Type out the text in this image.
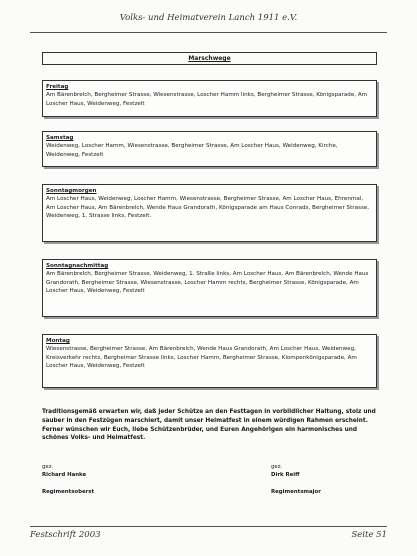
Volks- und Heimatverein Lanch 1911 e.V.
Marschwege
Freitag
Am Bärenbrelch, Bergheimer Strasse, Wiesenstrasse, Loscher Hamm links, Bergheimer Strasse, Königsparade, Am Loscher Haus, Weidenweg, Festzelt
Samstag
Weidenweg, Loscher Hamm, Wiesenstrasse, Bergheimer Strasse, Am Loscher Haus, Weidenweg, Kirche, Weidenweg, Festzelt
Sonntagmorgen
Am Loscher Haus, Weidenweg, Loscher Hamm, Wiesenstrasse, Bergheimer Strasse, Am Loscher Haus, Ehrenmal, Am Loscher Haus, Am Bärenbrelch, Wende Haus Grandorath, Königsparade am Haus Conrads, Bergheimer Strasse, Weidenweg, 1. Strasse links, Festzelt.
Sonntagnachmittag
Am Bärenbrelch, Bergheimer Strasse, Weidenweg, 1. Straße links, Am Loscher Haus, Am Bärenbrelch, Wende Haus Grandorath, Bergheimer Strasse, Wiesenstrasse, Loscher Hamm rechts, Bergheimer Strasse, Königsparade, Am Loscher Haus, Weidenweg, Festzelt
Montag
Wiesenstrasse, Bergheimer Strasse, Am Bärenbrelch, Wende Haus Grandorath, Am Loscher Haus, Weidenweg, Kreisverkehr rechts, Bergheimer Strasse links, Loscher Hamm, Bergheimer Strasse, Klompenkönigsparade, Am Loscher Haus, Weidenweg, Festzelt
Traditionsgemäß erwarten wir, daß jeder Schütze an den Festtagen in vorbildlicher Haltung, stolz und sauber in den Festzügen marschiert, damit unser Heimatfest in einem würdigen Rahmen erscheint.
Ferner wünschen wir Euch, liebe Schützenbrüder, und Euren Angehörigen ein harmonisches und schönes Volks- und Heimatfest.
gez.
Richard Hanke
Regimentsoberst
gez.
Dirk Reiff
Regimentsmajor
Festschrift 2003	Seite 51
